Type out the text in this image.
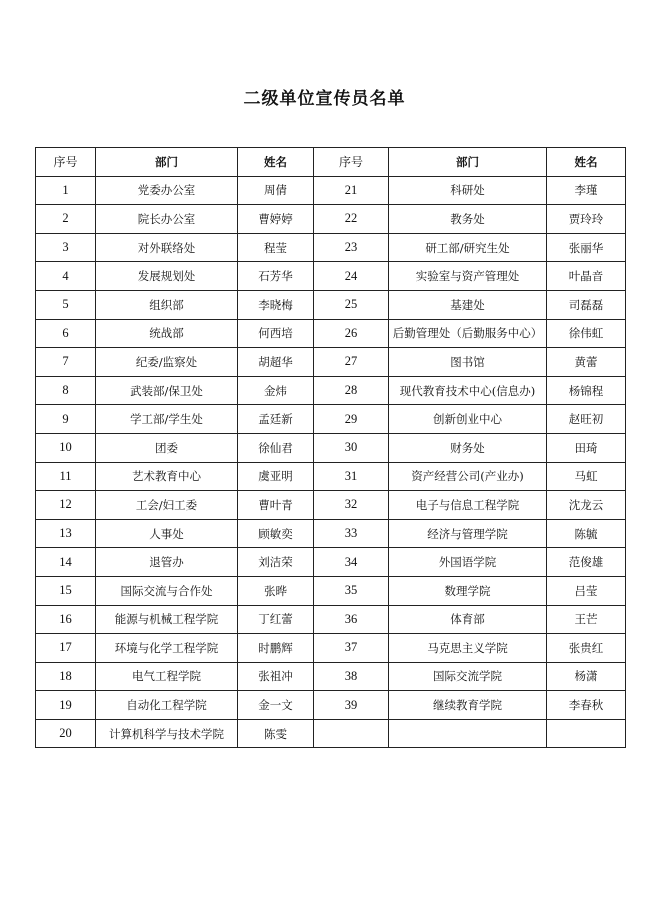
二级单位宣传员名单
序号	部门	姓名	序号	部门	姓名
1	党委办公室	周倩	21	科研处	李瑾
2	院长办公室	曹婷婷	22	教务处	贾玲玲
3	对外联络处	程莹	23	研工部/研究生处	张丽华
4	发展规划处	石芳华	24	实验室与资产管理处	叶晶音
5	组织部	李晓梅	25	基建处	司磊磊
6	统战部	何西培	26	后勤管理处（后勤服务中心）	徐伟虹
7	纪委/监察处	胡超华	27	图书馆	黄蕾
8	武装部/保卫处	金炜	28	现代教育技术中心(信息办)	杨锦程
9	学工部/学生处	孟廷新	29	创新创业中心	赵旺初
10	团委	徐仙君	30	财务处	田琦
11	艺术教育中心	虞亚明	31	资产经营公司(产业办)	马虹
12	工会/妇工委	曹叶青	32	电子与信息工程学院	沈龙云
13	人事处	顾敏奕	33	经济与管理学院	陈毓
14	退管办	刘洁荣	34	外国语学院	范俊雄
15	国际交流与合作处	张晔	35	数理学院	吕莹
16	能源与机械工程学院	丁红蕾	36	体育部	王芒
17	环境与化学工程学院	时鹏辉	37	马克思主义学院	张贵红
18	电气工程学院	张祖冲	38	国际交流学院	杨潇
19	自动化工程学院	金一文	39	继续教育学院	李春秋
20	计算机科学与技术学院	陈雯			
